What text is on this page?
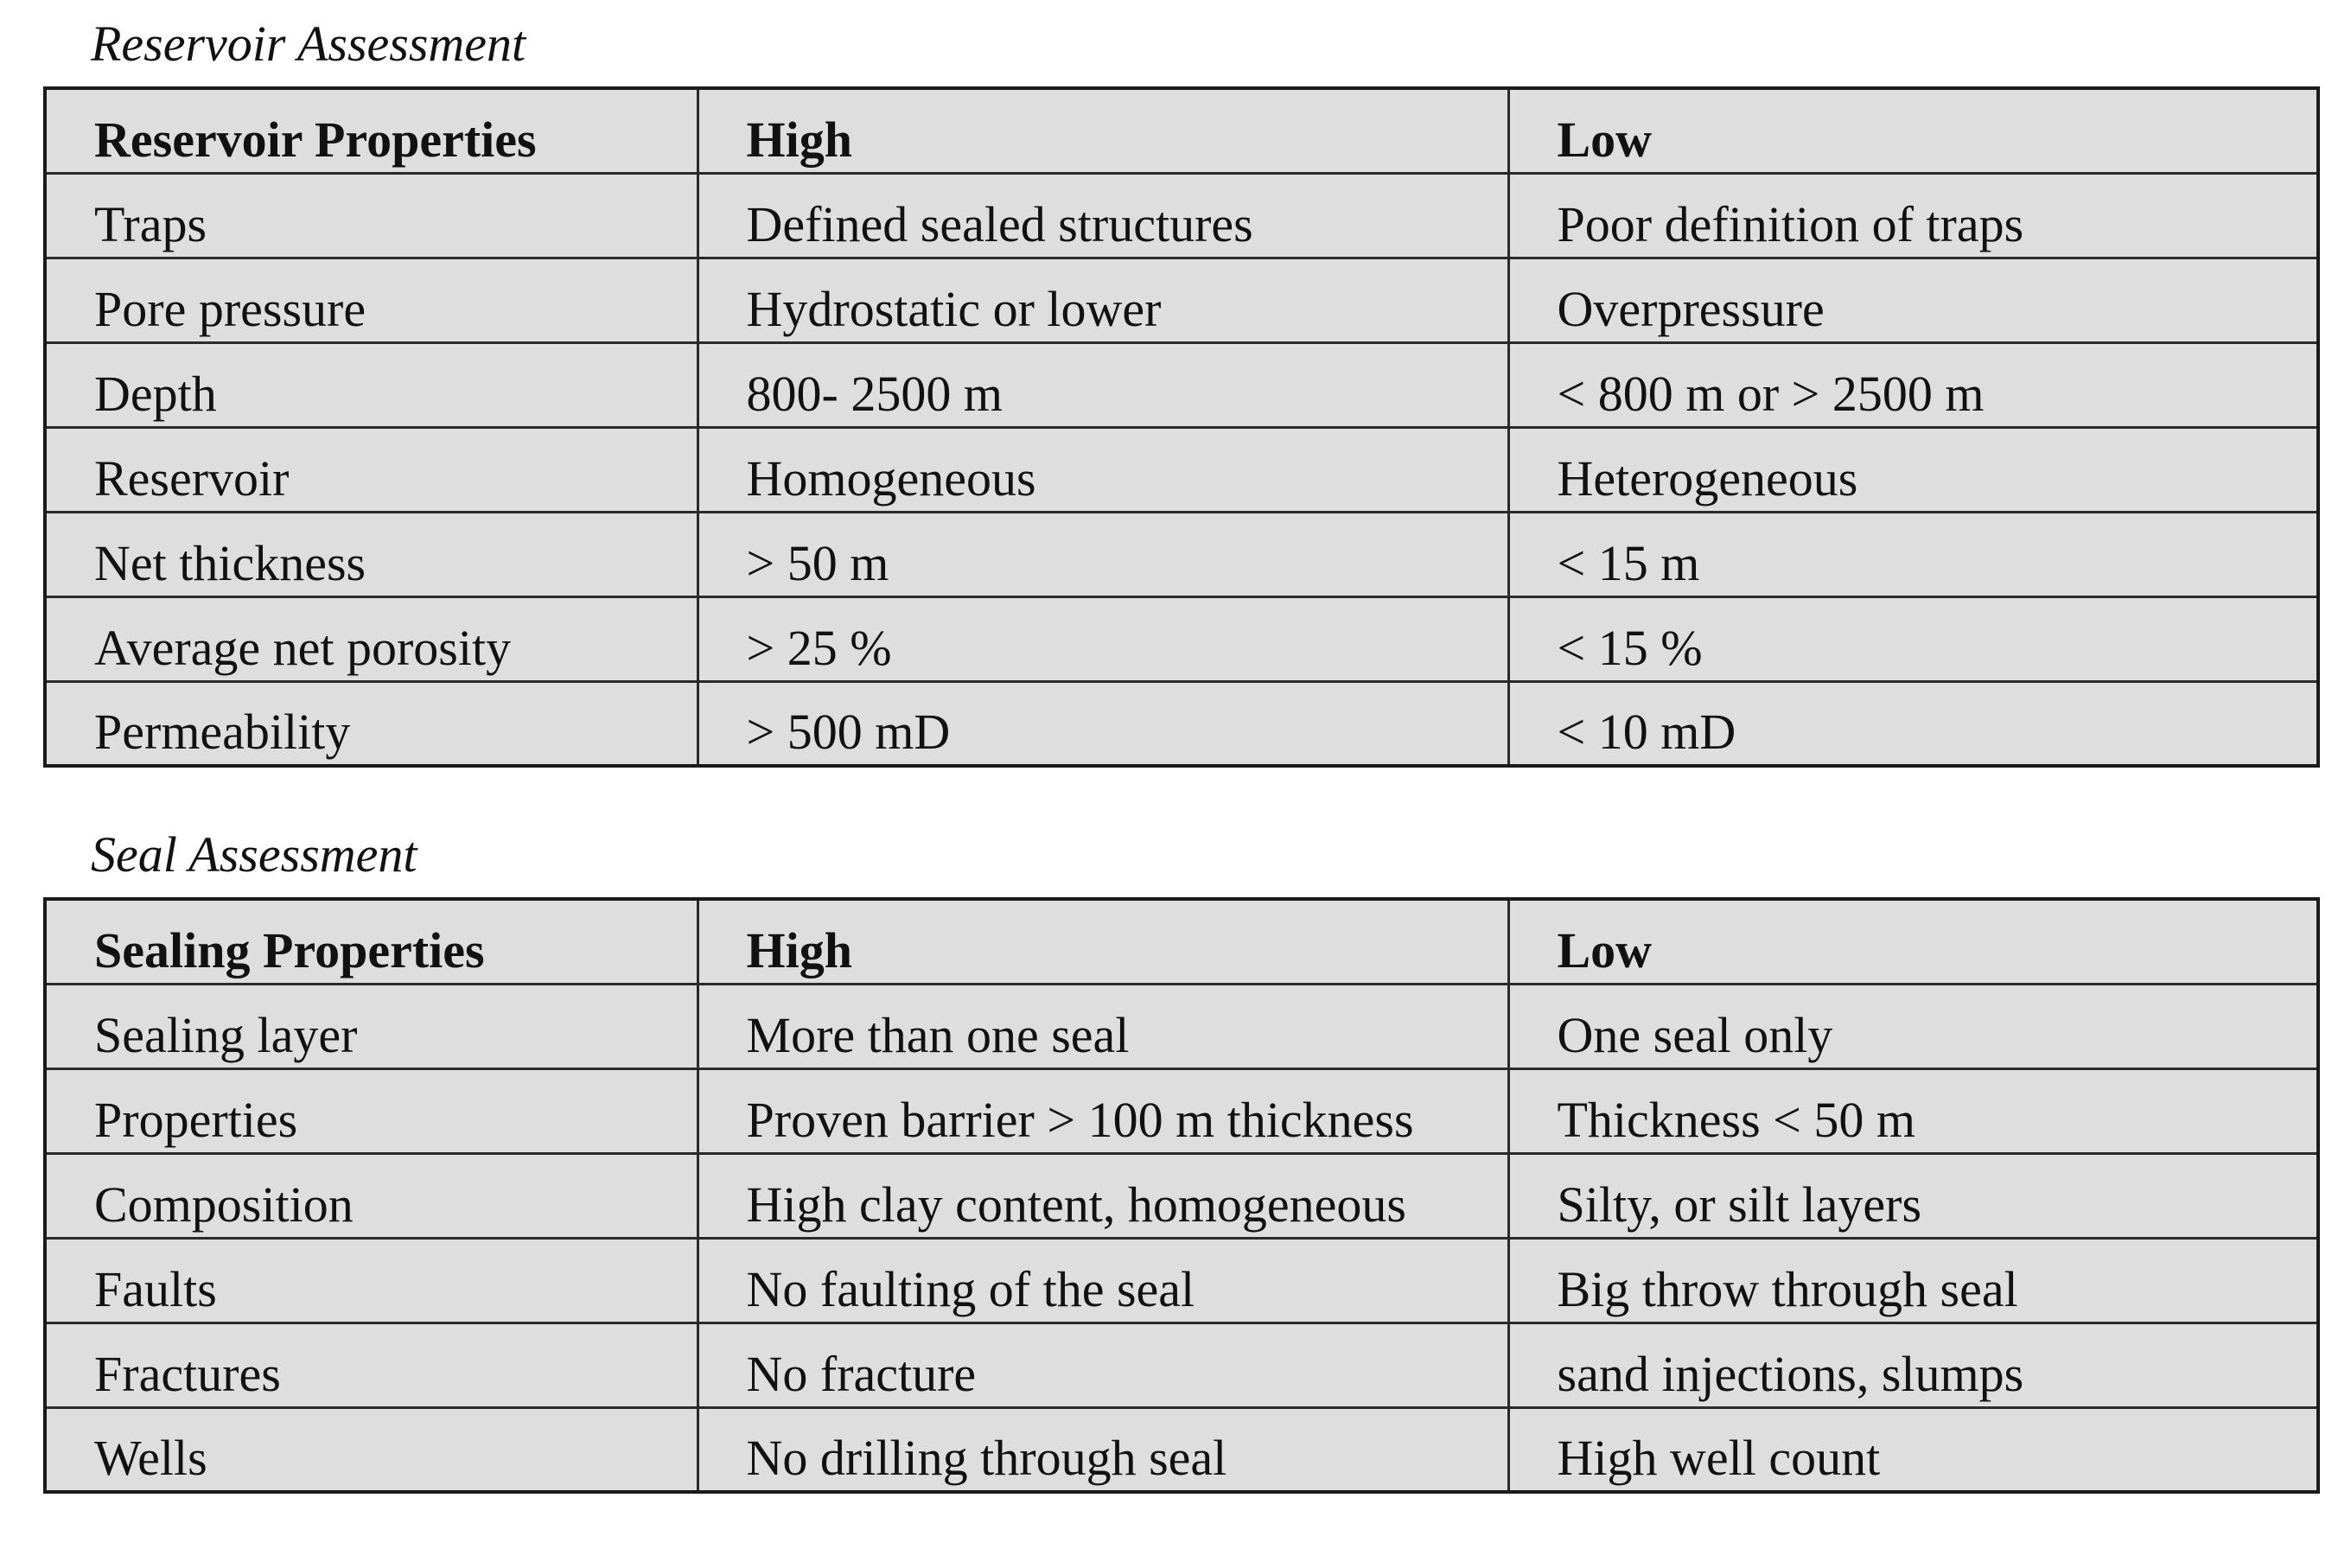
Reservoir Assessment

Reservoir Properties	High	Low
Traps	Defined sealed structures	Poor definition of traps
Pore pressure	Hydrostatic or lower	Overpressure
Depth	800- 2500 m	< 800 m or > 2500 m
Reservoir	Homogeneous	Heterogeneous
Net thickness	> 50 m	< 15 m
Average net porosity	> 25 %	< 15 %
Permeability	> 500 mD	< 10 mD

Seal Assessment

Sealing Properties	High	Low
Sealing layer	More than one seal	One seal only
Properties	Proven barrier > 100 m thickness	Thickness < 50 m
Composition	High clay content, homogeneous	Silty, or silt layers
Faults	No faulting of the seal	Big throw through seal
Fractures	No fracture	sand injections, slumps
Wells	No drilling through seal	High well count
